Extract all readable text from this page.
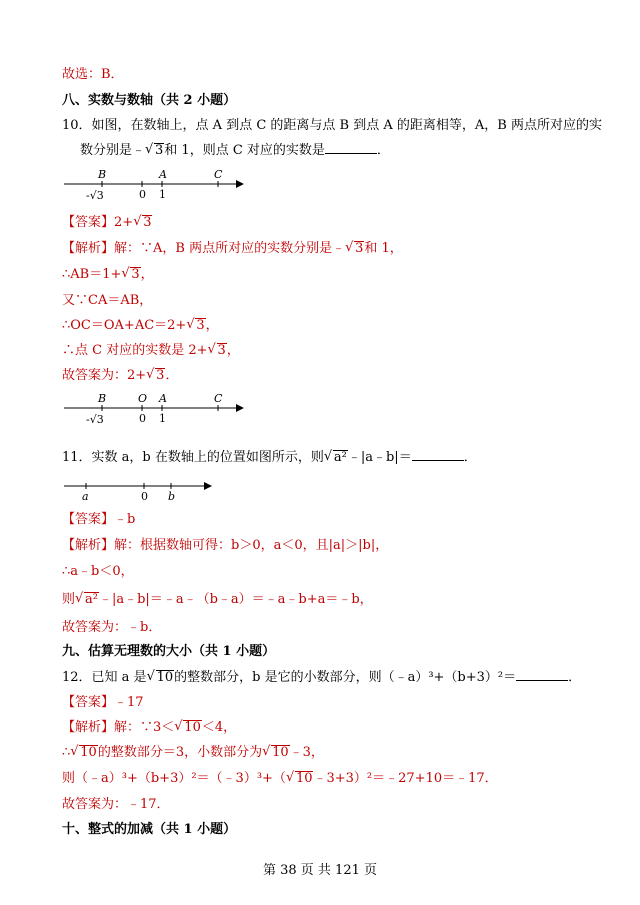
故选：B．
八、实数与数轴（共 2 小题）
10．如图，在数轴上，点 A 到点 C 的距离与点 B 到点 A 的距离相等，A，B 两点所对应的实
数分别是﹣ √ 3和 1，则点 C 对应的实数是	．
B
0
A
1
C
-√3
【答案】2+ √ 3
【解析】解：∵A，B 两点所对应的实数分别是﹣ √ 3和 1，
∴AB＝1+ √ 3，
又∵CA＝AB，
∴OC＝OA+AC＝2+ √ 3，
∴点 C 对应的实数是 2+ √ 3，
故答案为：2+ √ 3．
B	O A
0 1
C
-√3
11．实数 a，b 在数轴上的位置如图所示，则 √ a²﹣|a﹣b|＝	．
a	0 b
【答案】﹣b
【解析】解：根据数轴可得：b＞0，a＜0，且|a|＞|b|，
∴a﹣b＜0，
则 √ a²﹣|a﹣b|＝﹣a﹣（b﹣a）＝﹣a﹣b+a＝﹣b，
故答案为：﹣b．
九、估算无理数的大小（共 1 小题）
12．已知 a 是 √ 10的整数部分，b 是它的小数部分，则（﹣a）³+（b+3）²＝	．
【答案】﹣17
【解析】解：∵3＜ √ 10＜4，
∴ √ 10的整数部分＝3，小数部分为 √ 10﹣3，
则（﹣a）³+（b+3）²＝（﹣3）³+（ √ 10﹣3+3）²＝﹣27+10＝﹣17．
故答案为：﹣17．
十、整式的加减（共 1 小题）
第 38 页 共 121 页
